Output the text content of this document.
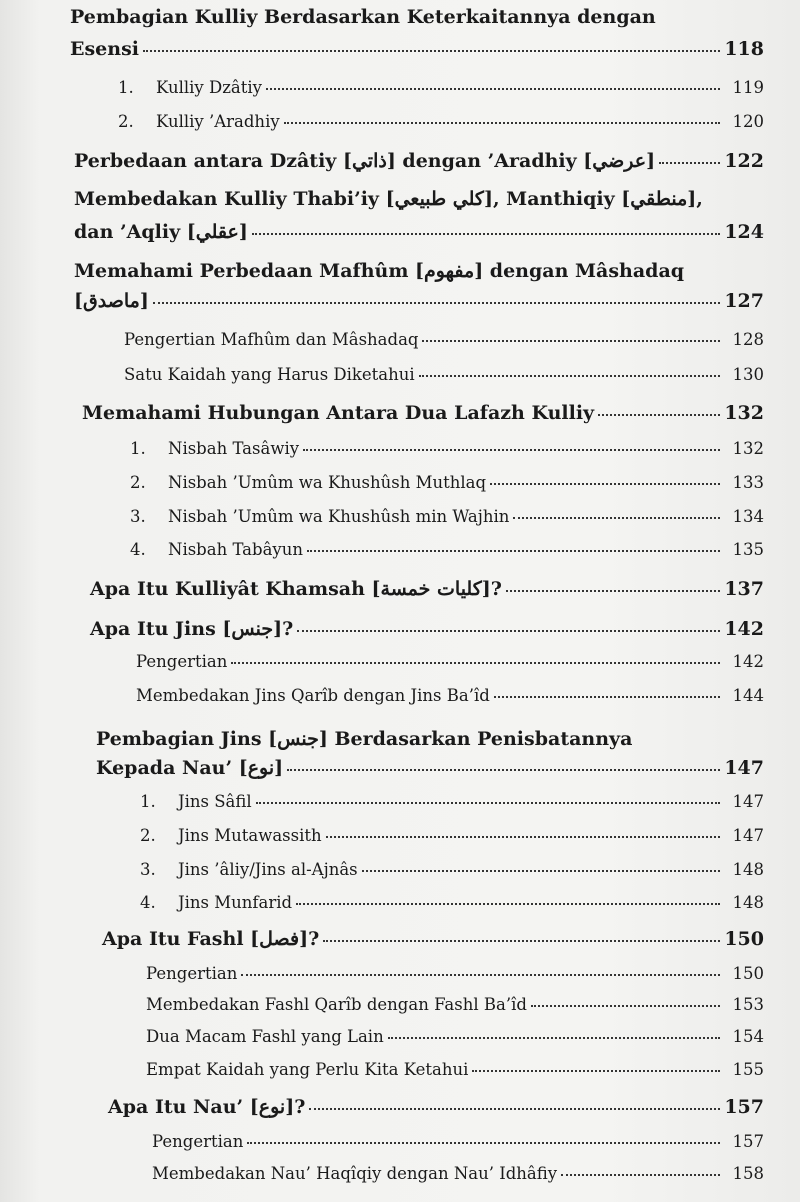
Pembagian Kulliy Berdasarkan Keterkaitannya dengan
Esensi	118
1. Kulliy Dzâtiy	119
2. Kulliy ’Aradhiy	120
Perbedaan antara Dzâtiy [ذاتي] dengan ’Aradhiy [عرضي]	122
Membedakan Kulliy Thabi’iy [كلي طبيعي], Manthiqiy [منطقي],
dan ’Aqliy [عقلي]	124
Memahami Perbedaan Mafhûm [مفهوم] dengan Mâshadaq
[ماصدق]	127
Pengertian Mafhûm dan Mâshadaq	128
Satu Kaidah yang Harus Diketahui	130
Memahami Hubungan Antara Dua Lafazh Kulliy	132
1. Nisbah Tasâwiy	132
2. Nisbah ’Umûm wa Khushûsh Muthlaq	133
3. Nisbah ’Umûm wa Khushûsh min Wajhin	134
4. Nisbah Tabâyun	135
Apa Itu Kulliyât Khamsah [كليات خمسة]?	137
Apa Itu Jins [جنس]?	142
Pengertian	142
Membedakan Jins Qarîb dengan Jins Ba’îd	144
Pembagian Jins [جنس] Berdasarkan Penisbatannya
Kepada Nau’ [نوع]	147
1. Jins Sâfil	147
2. Jins Mutawassith	147
3. Jins ’âliy/Jins al-Ajnâs	148
4. Jins Munfarid	148
Apa Itu Fashl [فصل]?	150
Pengertian	150
Membedakan Fashl Qarîb dengan Fashl Ba’îd	153
Dua Macam Fashl yang Lain	154
Empat Kaidah yang Perlu Kita Ketahui	155
Apa Itu Nau’ [نوع]?	157
Pengertian	157
Membedakan Nau’ Haqîqiy dengan Nau’ Idhâfiy	158
